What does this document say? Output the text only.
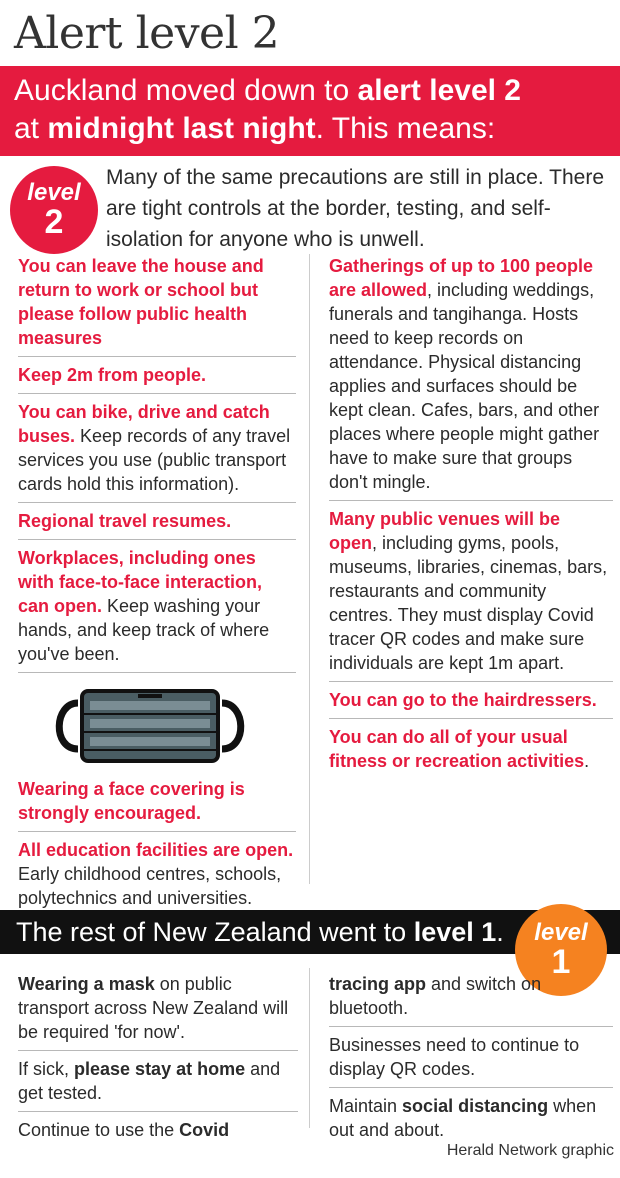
Alert level 2
Auckland moved down to alert level 2
at midnight last night. This means:
level
2
Many of the same precautions are still in place. There are tight controls at the border, testing, and self-isolation for anyone who is unwell.
You can leave the house and return to work or school but please follow public health measures
Keep 2m from people.
You can bike, drive and catch buses. Keep records of any travel services you use (public transport cards hold this information).
Regional travel resumes.
Workplaces, including ones with face-to-face interaction, can open. Keep washing your hands, and keep track of where you've been.
Wearing a face covering is strongly encouraged.
All education facilities are open. Early childhood centres, schools, polytechnics and universities.
Gatherings of up to 100 people are allowed, including weddings, funerals and tangihanga. Hosts need to keep records on attendance. Physical distancing applies and surfaces should be kept clean. Cafes, bars, and other places where people might gather have to make sure that groups don't mingle.
Many public venues will be open, including gyms, pools, museums, libraries, cinemas, bars, restaurants and community centres. They must display Covid tracer QR codes and make sure individuals are kept 1m apart.
You can go to the hairdressers.
You can do all of your usual fitness or recreation activities.
The rest of New Zealand went to level 1.	level
1
Wearing a mask on public transport across New Zealand will be required 'for now'.
If sick, please stay at home and get tested.
Continue to use the Covid
tracing app and switch on bluetooth.
Businesses need to continue to display QR codes.
Maintain social distancing when out and about.
Herald Network graphic
